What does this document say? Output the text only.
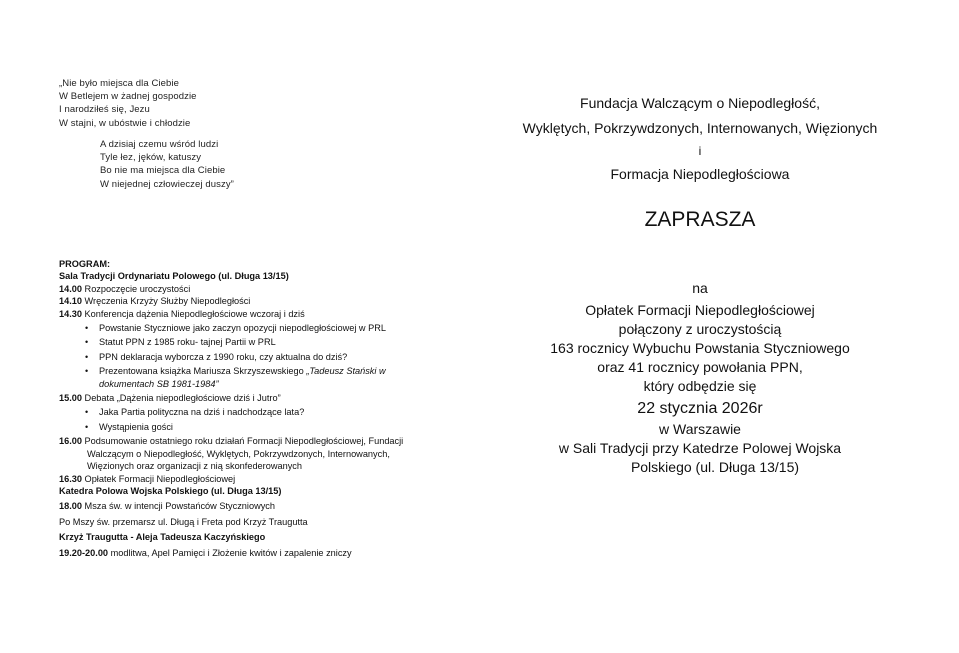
„Nie było miejsca dla Ciebie
W Betlejem w żadnej gospodzie
I narodziłeś się, Jezu
W stajni, w ubóstwie i chłodzie
A dzisiaj czemu wśród ludzi
Tyle łez, jęków, katuszy
Bo nie ma miejsca dla Ciebie
W niejednej człowieczej duszy”
PROGRAM:
Sala Tradycji Ordynariatu Polowego (ul. Długa 13/15)
14.00 Rozpoczęcie uroczystości
14.10 Wręczenia Krzyży Służby Niepodległości
14.30 Konferencja dążenia Niepodległościowe wczoraj i dziś
• Powstanie Styczniowe jako zaczyn opozycji niepodległościowej w PRL
• Statut PPN z 1985 roku- tajnej Partii w PRL
• PPN deklaracja wyborcza z 1990 roku, czy aktualna do dziś?
• Prezentowana książka Mariusza Skrzyszewskiego „Tadeusz Stański w
dokumentach SB 1981-1984”
15.00 Debata „Dążenia niepodległościowe dziś i Jutro”
• Jaka Partia polityczna na dziś i nadchodzące lata?
• Wystąpienia gości
16.00 Podsumowanie ostatniego roku działań Formacji Niepodległościowej, Fundacji
Walczącym o Niepodległość, Wyklętych, Pokrzywdzonych, Internowanych,
Więzionych oraz organizacji z nią skonfederowanych
16.30 Opłatek Formacji Niepodległościowej
Katedra Polowa Wojska Polskiego (ul. Długa 13/15)
18.00 Msza św. w intencji Powstańców Styczniowych
Po Mszy św. przemarsz ul. Długą i Freta pod Krzyż Traugutta
Krzyż Traugutta - Aleja Tadeusza Kaczyńskiego
19.20-20.00 modlitwa, Apel Pamięci i Złożenie kwitów i zapalenie zniczy
Fundacja Walczącym o Niepodległość,
Wyklętych, Pokrzywdzonych, Internowanych, Więzionych
i
Formacja Niepodległościowa
ZAPRASZA
na
Opłatek Formacji Niepodległościowej
połączony z uroczystością
163 rocznicy Wybuchu Powstania Styczniowego
oraz 41 rocznicy powołania PPN,
który odbędzie się
22 stycznia 2026r
w Warszawie
w Sali Tradycji przy Katedrze Polowej Wojska
Polskiego (ul. Długa 13/15)
